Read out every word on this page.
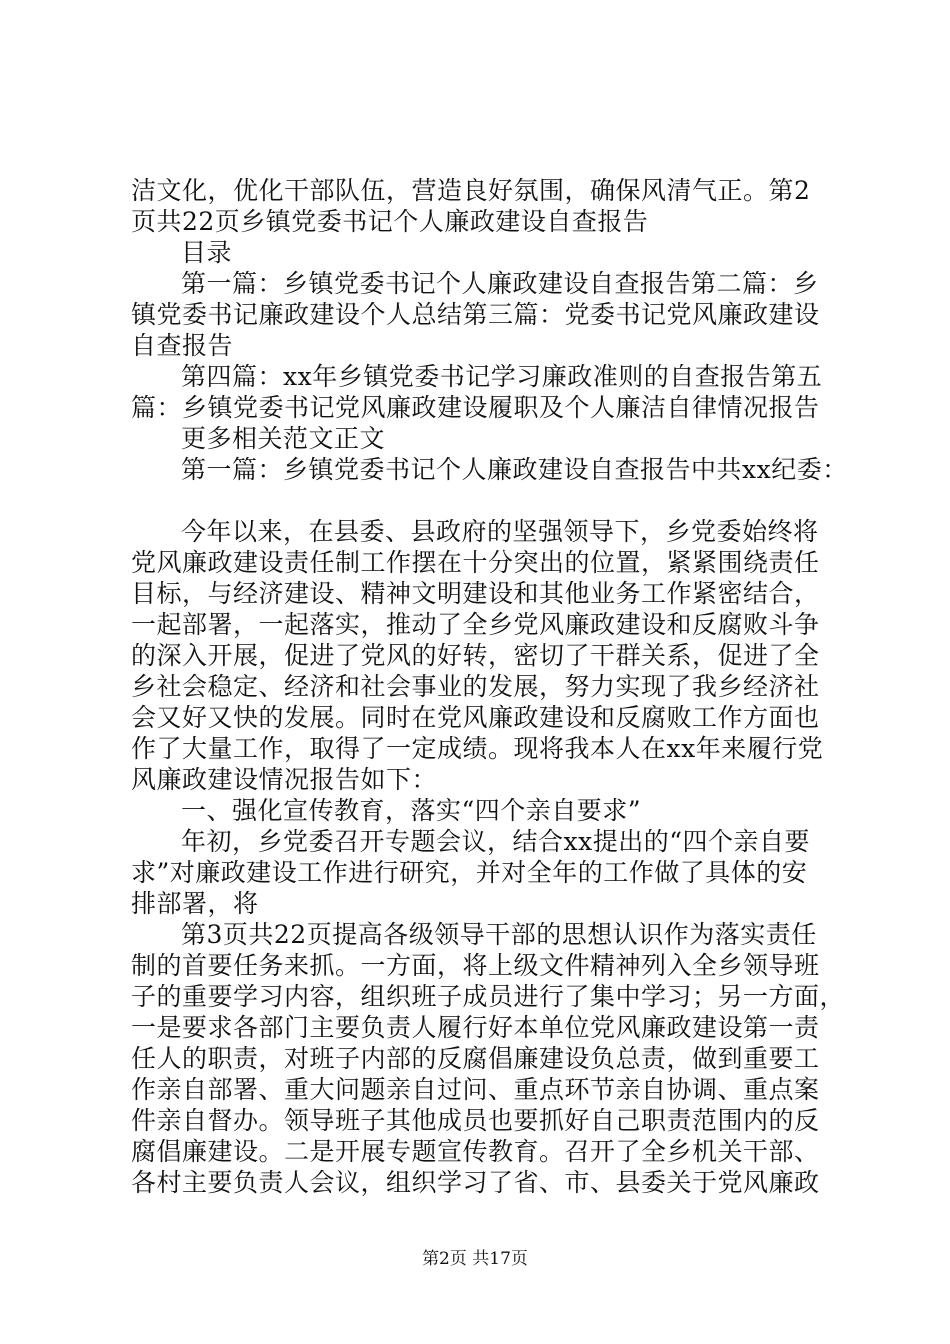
洁文化，优化干部队伍，营造良好氛围，确保风清气正。第2
页共22页乡镇党委书记个人廉政建设自查报告
目录
第一篇：乡镇党委书记个人廉政建设自查报告第二篇：乡
镇党委书记廉政建设个人总结第三篇：党委书记党风廉政建设
自查报告
第四篇：xx年乡镇党委书记学习廉政准则的自查报告第五
篇：乡镇党委书记党风廉政建设履职及个人廉洁自律情况报告
更多相关范文正文
第一篇：乡镇党委书记个人廉政建设自查报告中共xx纪委：
今年以来，在县委、县政府的坚强领导下，乡党委始终将
党风廉政建设责任制工作摆在十分突出的位置，紧紧围绕责任
目标，与经济建设、精神文明建设和其他业务工作紧密结合，
一起部署，一起落实，推动了全乡党风廉政建设和反腐败斗争
的深入开展，促进了党风的好转，密切了干群关系，促进了全
乡社会稳定、经济和社会事业的发展，努力实现了我乡经济社
会又好又快的发展。同时在党风廉政建设和反腐败工作方面也
作了大量工作，取得了一定成绩。现将我本人在xx年来履行党
风廉政建设情况报告如下：
一、强化宣传教育，落实“四个亲自要求”
年初，乡党委召开专题会议，结合xx提出的“四个亲自要
求”对廉政建设工作进行研究，并对全年的工作做了具体的安
排部署，将
第3页共22页提高各级领导干部的思想认识作为落实责任
制的首要任务来抓。一方面，将上级文件精神列入全乡领导班
子的重要学习内容，组织班子成员进行了集中学习；另一方面，
一是要求各部门主要负责人履行好本单位党风廉政建设第一责
任人的职责，对班子内部的反腐倡廉建设负总责，做到重要工
作亲自部署、重大问题亲自过问、重点环节亲自协调、重点案
件亲自督办。领导班子其他成员也要抓好自己职责范围内的反
腐倡廉建设。二是开展专题宣传教育。召开了全乡机关干部、
各村主要负责人会议，组织学习了省、市、县委关于党风廉政
第2页 共17页
